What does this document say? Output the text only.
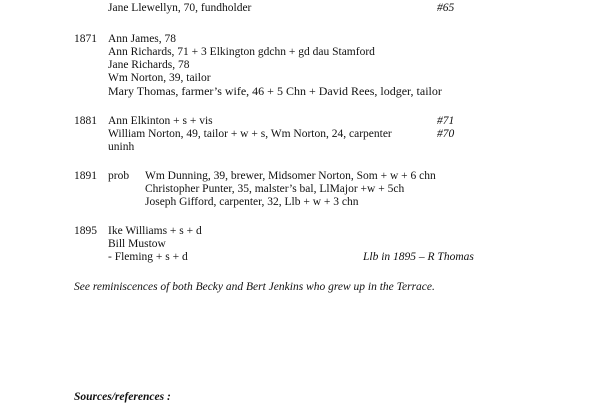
Jane Llewellyn, 70, fundholder	#65
1871 Ann James, 78
Ann Richards, 71 + 3 Elkington gdchn + gd dau Stamford
Jane Richards, 78
Wm Norton, 39, tailor
Mary Thomas, farmer’s wife, 46 + 5 Chn + David Rees, lodger, tailor
1881 Ann Elkinton + s + vis	#71
William Norton, 49, tailor + w + s, Wm Norton, 24, carpenter	#70
uninh
1891 prob Wm Dunning, 39, brewer, Midsomer Norton, Som + w + 6 chn
Christopher Punter, 35, malster’s bal, LlMajor +w + 5ch
Joseph Gifford, carpenter, 32, Llb + w + 3 chn
1895 Ike Williams + s + d
Bill Mustow
- Fleming + s + d	Llb in 1895 – R Thomas
See reminiscences of both Becky and Bert Jenkins who grew up in the Terrace.
Sources/references :
